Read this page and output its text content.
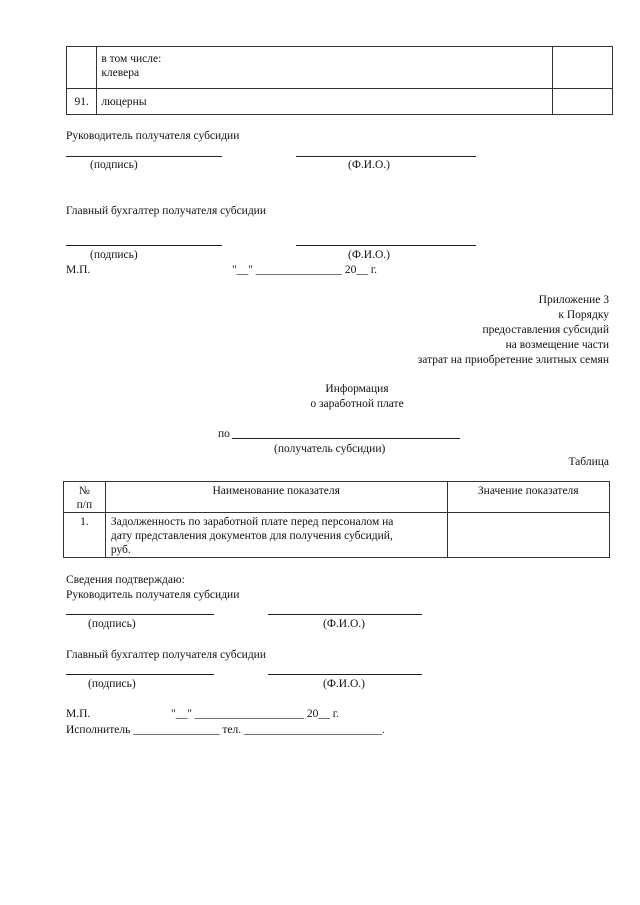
	в том числе:
клевера	

91.	люцерны	
Руководитель получателя субсидии
(подпись)	(Ф.И.О.)
Главный бухгалтер получателя субсидии
(подпись)	(Ф.И.О.)
М.П.	"__" _______________ 20__ г.
Приложение 3
к Порядку
предоставления субсидий
на возмещение части
затрат на приобретение элитных семян
Информация
о заработной плате
по
(получатель субсидии)
Таблица
№
п/п	Наименование показателя	Значение показателя
1.	Задолженность по заработной плате перед персоналом на
дату представления документов для получения субсидий,
руб.	

Сведения подтверждаю:
Руководитель получателя субсидии
(подпись)	(Ф.И.О.)
Главный бухгалтер получателя субсидии
(подпись)	(Ф.И.О.)
М.П.	"__" ___________________ 20__ г.
Исполнитель _______________ тел. ________________________.
